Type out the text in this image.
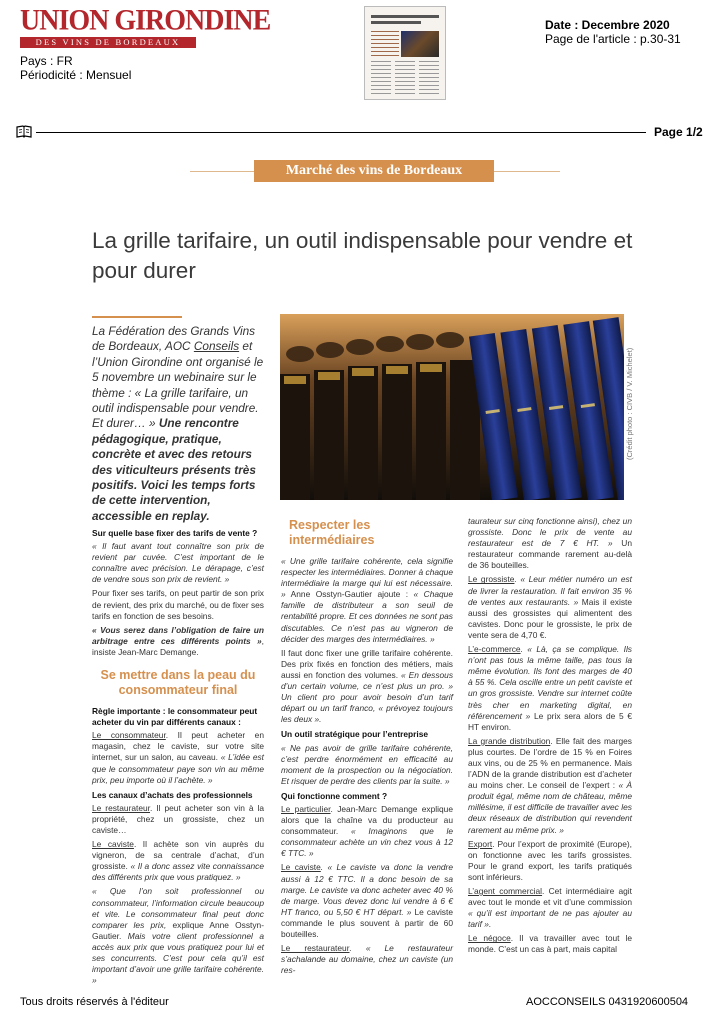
UNION GIRONDINE
DES VINS DE BORDEAUX
Pays : FR
Périodicité : Mensuel
Date : Decembre 2020
Page de l'article : p.30-31
Page 1/2
Marché des vins de Bordeaux
La grille tarifaire, un outil indispensable pour vendre et pour durer
La Fédération des Grands Vins de Bordeaux, AOC Conseils et l’Union Girondine ont organisé le 5 novembre un webinaire sur le thème : « La grille tarifaire, un outil indispensable pour vendre. Et durer… » Une rencontre pédagogique, pratique, concrète et avec des retours des viticulteurs présents très positifs. Voici les temps forts de cette intervention, accessible en replay.
(Crédit photo : CIVB / V. Michelet)

Sur quelle base fixer des tarifs de vente ?

« Il faut avant tout connaître son prix de revient par cuvée. C’est important de le connaître avec précision. Le dérapage, c’est de vendre sous son prix de revient. »

Pour fixer ses tarifs, on peut partir de son prix de revient, des prix du marché, ou de fixer ses tarifs en fonction de ses besoins.

« Vous serez dans l’obligation de faire un arbitrage entre ces différents points », insiste Jean-Marc Demange.

Se mettre dans la peau du consommateur final

Règle importante : le consommateur peut acheter du vin par différents canaux :

Le consommateur. Il peut acheter en magasin, chez le caviste, sur votre site internet, sur un salon, au caveau. « L’idée est que le consommateur paye son vin au même prix, peu importe où il l’achète. »

Les canaux d’achats des professionnels

Le restaurateur. Il peut acheter son vin à la propriété, chez un grossiste, chez un caviste…

Le caviste. Il achète son vin auprès du vigneron, de sa centrale d’achat, d’un grossiste. « Il a donc assez vite connaissance des différents prix que vous pratiquez. »

« Que l’on soit professionnel ou consommateur, l’information circule beaucoup et vite. Le consommateur final peut donc comparer les prix, explique Anne Osstyn-Gautier. Mais votre client professionnel a accès aux prix que vous pratiquez pour lui et ses concurrents. C’est pour cela qu’il est important d’avoir une grille tarifaire cohérente. »

Respecter les intermédiaires

« Une grille tarifaire cohérente, cela signifie respecter les intermédiaires. Donner à chaque intermédiaire la marge qui lui est nécessaire. » Anne Osstyn-Gautier ajoute : « Chaque famille de distributeur a son seuil de rentabilité propre. Et ces données ne sont pas discutables. Ce n’est pas au vigneron de décider des marges des intermédiaires. »

Il faut donc fixer une grille tarifaire cohérente. Des prix fixés en fonction des métiers, mais aussi en fonction des volumes. « En dessous d’un certain volume, ce n’est plus un pro. » Un client pro pour avoir besoin d’un tarif départ ou un tarif franco, « prévoyez toujours les deux ».

Un outil stratégique pour l’entreprise

« Ne pas avoir de grille tarifaire cohérente, c’est perdre énormément en efficacité au moment de la prospection ou la négociation. Et risquer de perdre des clients par la suite. »

Qui fonctionne comment ?

Le particulier. Jean-Marc Demange explique alors que la chaîne va du producteur au consommateur. « Imaginons que le consommateur achète un vin chez vous à 12 € TTC. »

Le caviste. « Le caviste va donc la vendre aussi à 12 € TTC. Il a donc besoin de sa marge. Le caviste va donc acheter avec 40 % de marge. Vous devez donc lui vendre à 6 € HT franco, ou 5,50 € HT départ. » Le caviste commande le plus souvent à partir de 60 bouteilles.

Le restaurateur. « Le restaurateur s’achalande au domaine, chez un caviste (un res-

taurateur sur cinq fonctionne ainsi), chez un grossiste. Donc le prix de vente au restaurateur est de 7 € HT. » Un restaurateur commande rarement au-delà de 36 bouteilles.

Le grossiste. « Leur métier numéro un est de livrer la restauration. Il fait environ 35 % de ventes aux restaurants. » Mais il existe aussi des grossistes qui alimentent des cavistes. Donc pour le grossiste, le prix de vente sera de 4,70 €.

L’e-commerce. « Là, ça se complique. Ils n’ont pas tous la même taille, pas tous la même évolution. Ils font des marges de 40 à 55 %. Cela oscille entre un petit caviste et un gros grossiste. Vendre sur internet coûte très cher en marketing digital, en référencement » Le prix sera alors de 5 € HT environ.

La grande distribution. Elle fait des marges plus courtes. De l’ordre de 15 % en Foires aux vins, ou de 25 % en permanence. Mais l’ADN de la grande distribution est d’acheter au moins cher. Le conseil de l’expert : « À produit égal, même nom de château, même millésime, il est difficile de travailler avec les deux réseaux de distribution qui revendent rarement au même prix. »

Export. Pour l’export de proximité (Europe), on fonctionne avec les tarifs grossistes. Pour le grand export, les tarifs pratiqués sont inférieurs.

L’agent commercial. Cet intermédiaire agit avec tout le monde et vit d’une commission « qu’il est important de ne pas ajouter au tarif ».

Le négoce. Il va travailler avec tout le monde. C’est un cas à part, mais capital

Tous droits réservés à l'éditeur	AOCCONSEILS 0431920600504
